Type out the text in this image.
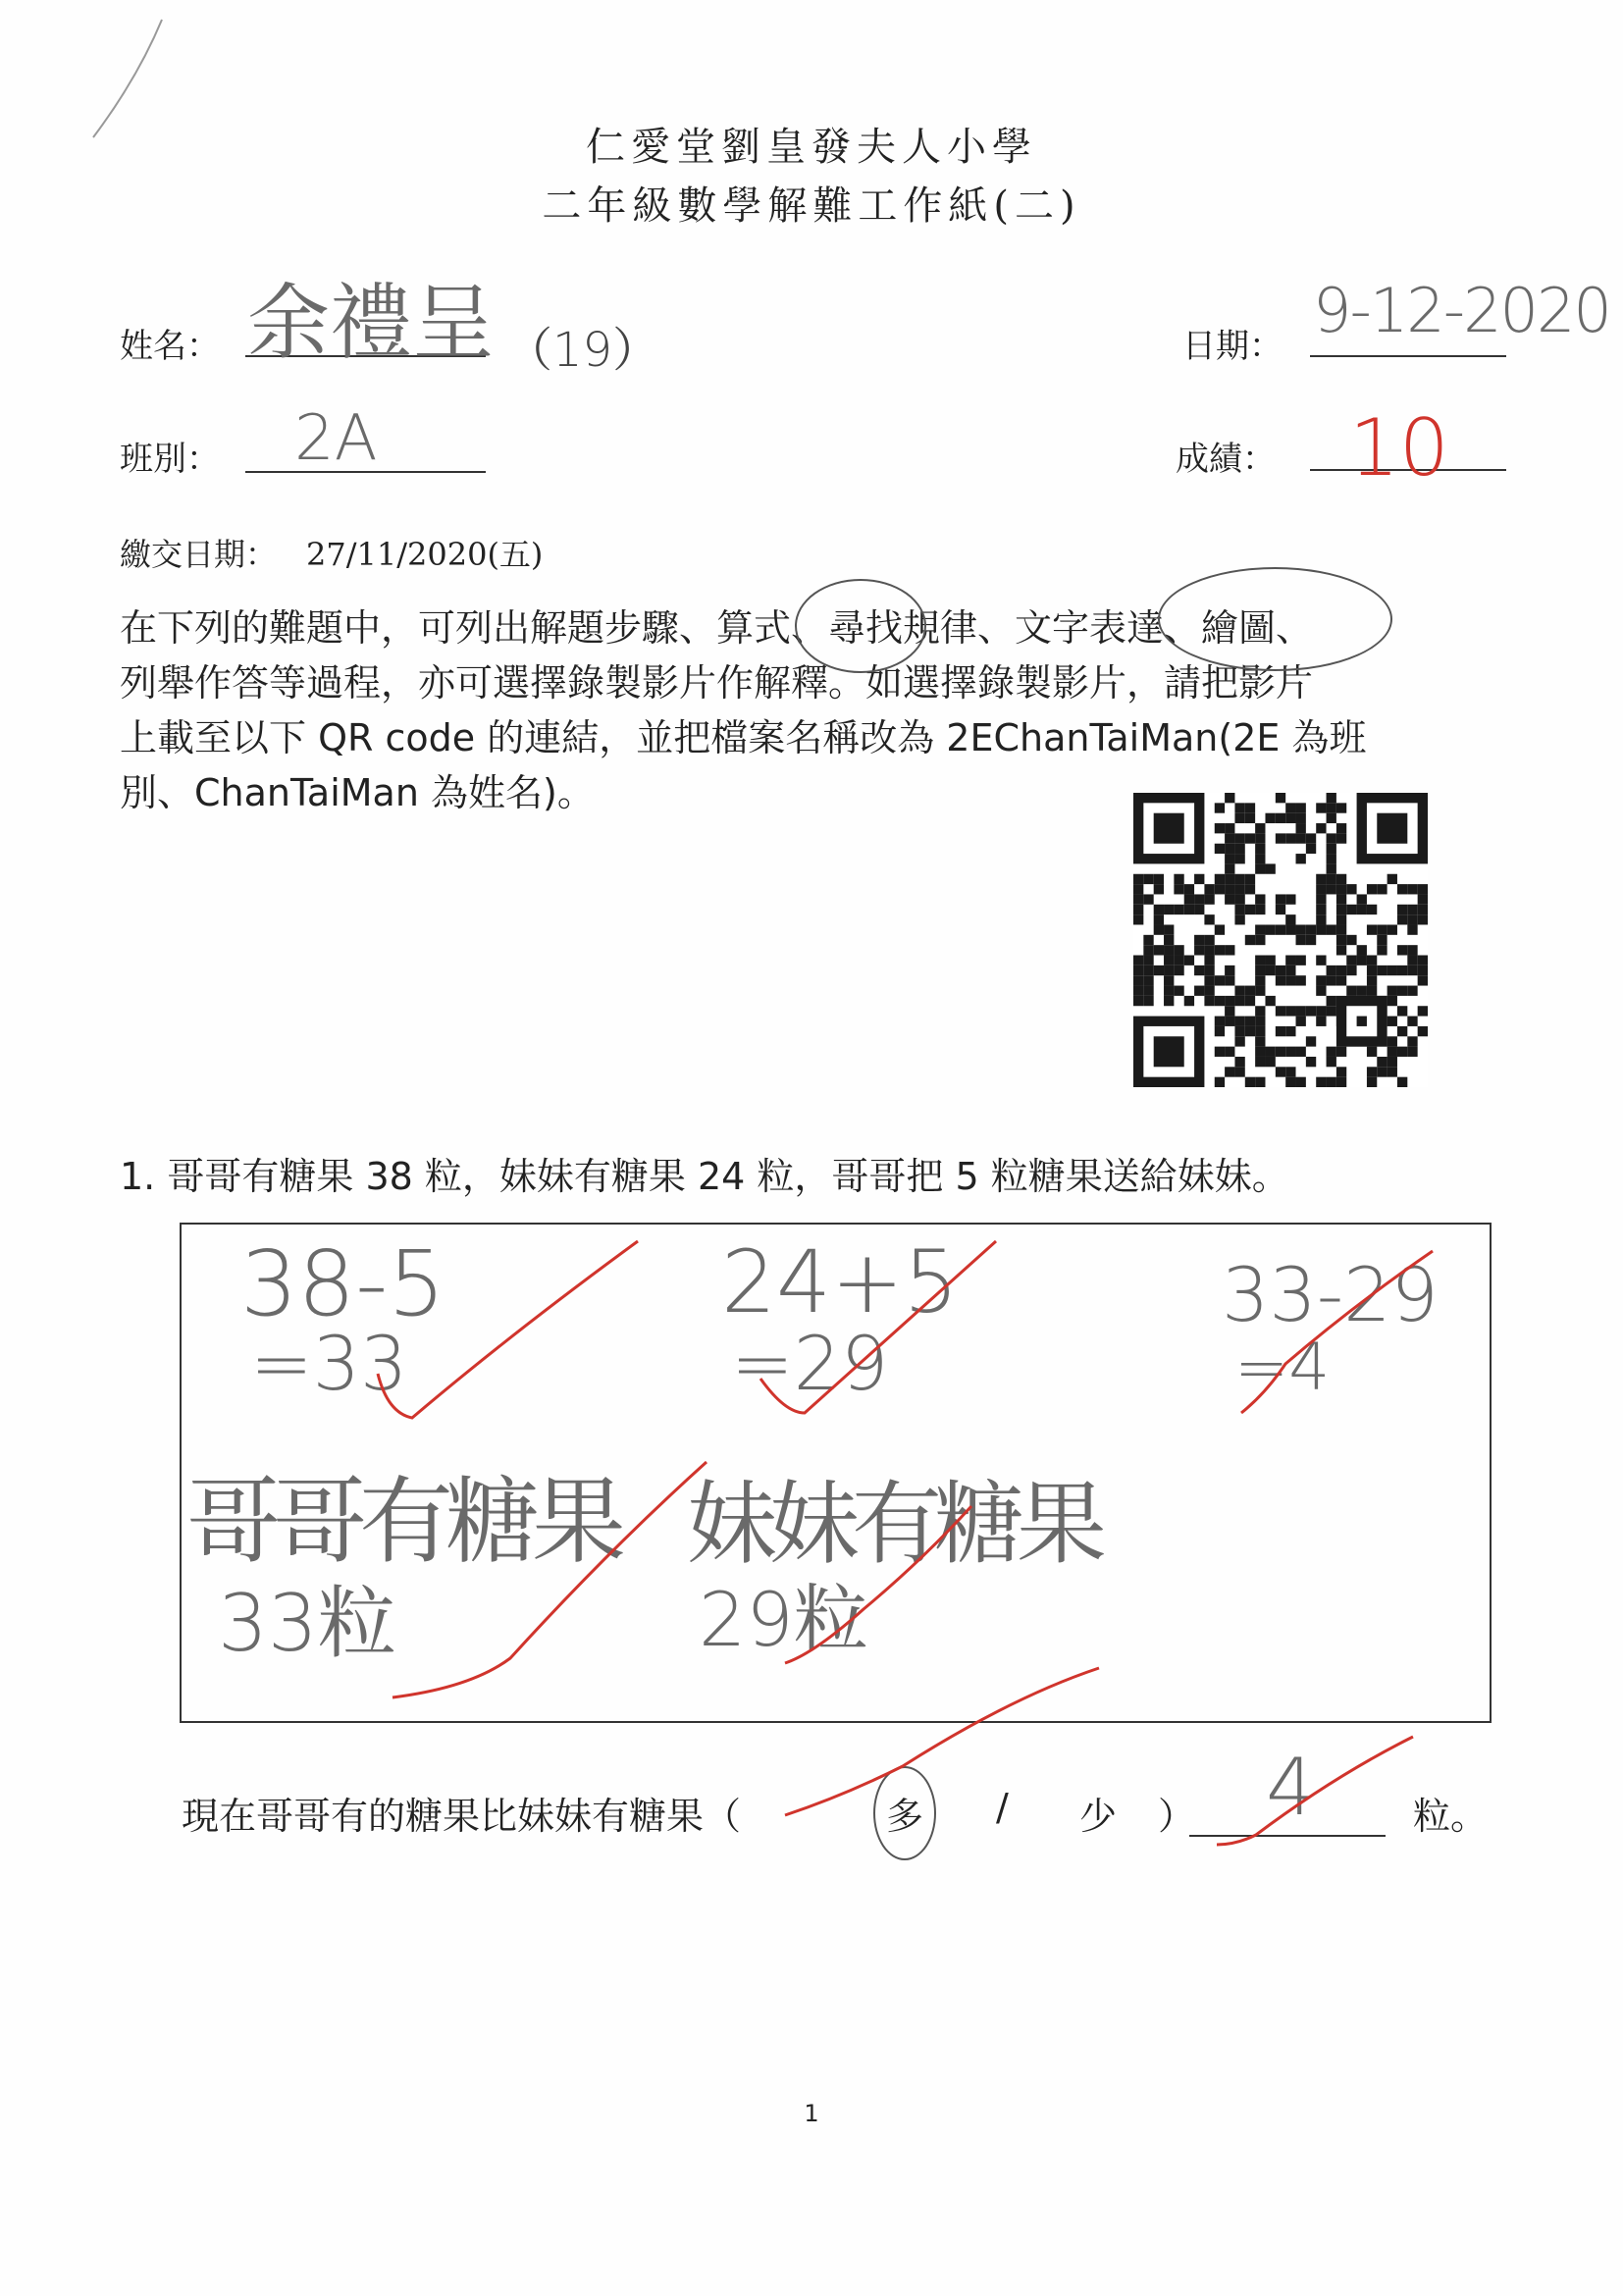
仁愛堂劉皇發夫人小學
二年級數學解難工作紙(二)
姓名： 余禮呈 （19）	日期： 9-12-2020
班別： 2A	成績： 10
繳交日期： 27/11/2020(五)
在下列的難題中，可列出解題步驟、算式、尋找規律、文字表達、繪圖、
列舉作答等過程，亦可選擇錄製影片作解釋。如選擇錄製影片，請把影片
上載至以下 QR code 的連結，並把檔案名稱改為 2EChanTaiMan(2E 為班
別、ChanTaiMan 為姓名)。
1. 哥哥有糖果 38 粒，妹妹有糖果 24 粒，哥哥把 5 粒糖果送給妹妹。
38-5
=33
24+5
=29
33-29
=4
哥哥有糖果
33粒
妹妹有糖果
29粒
現在哥哥有的糖果比妹妹有糖果（	多 / 少 ） 4	粒。
1
